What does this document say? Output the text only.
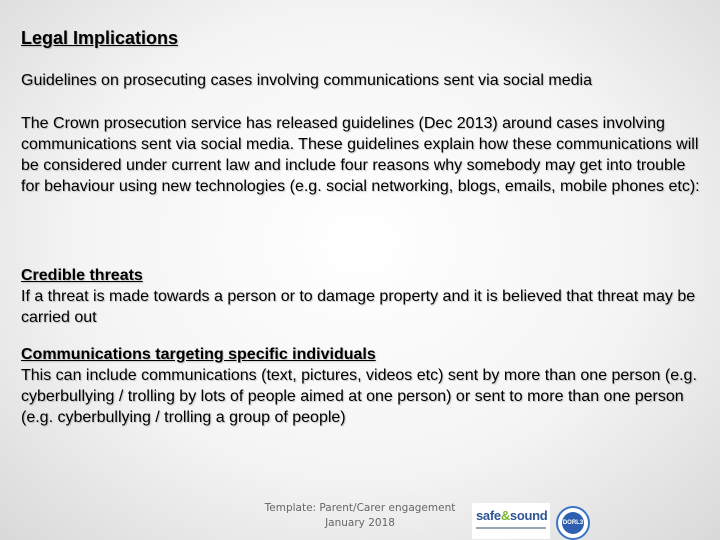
Legal Implications
Guidelines on prosecuting cases involving communications sent via social media
The Crown prosecution service has released guidelines (Dec 2013) around cases involving communications sent via social media. These guidelines explain how these communications will be considered under current law and include four reasons why somebody may get into trouble for behaviour using new technologies (e.g. social networking, blogs, emails, mobile phones etc):
Credible threats
If a threat is made towards a person or to damage property and it is believed that threat may be carried out
Communications targeting specific individuals
This can include communications (text, pictures, videos etc) sent by more than one person (e.g. cyberbullying / trolling by lots of people aimed at one person) or sent to more than one person (e.g. cyberbullying / trolling a group of people)
Template: Parent/Carer engagement
January 2018	safe&sound	DORL3
